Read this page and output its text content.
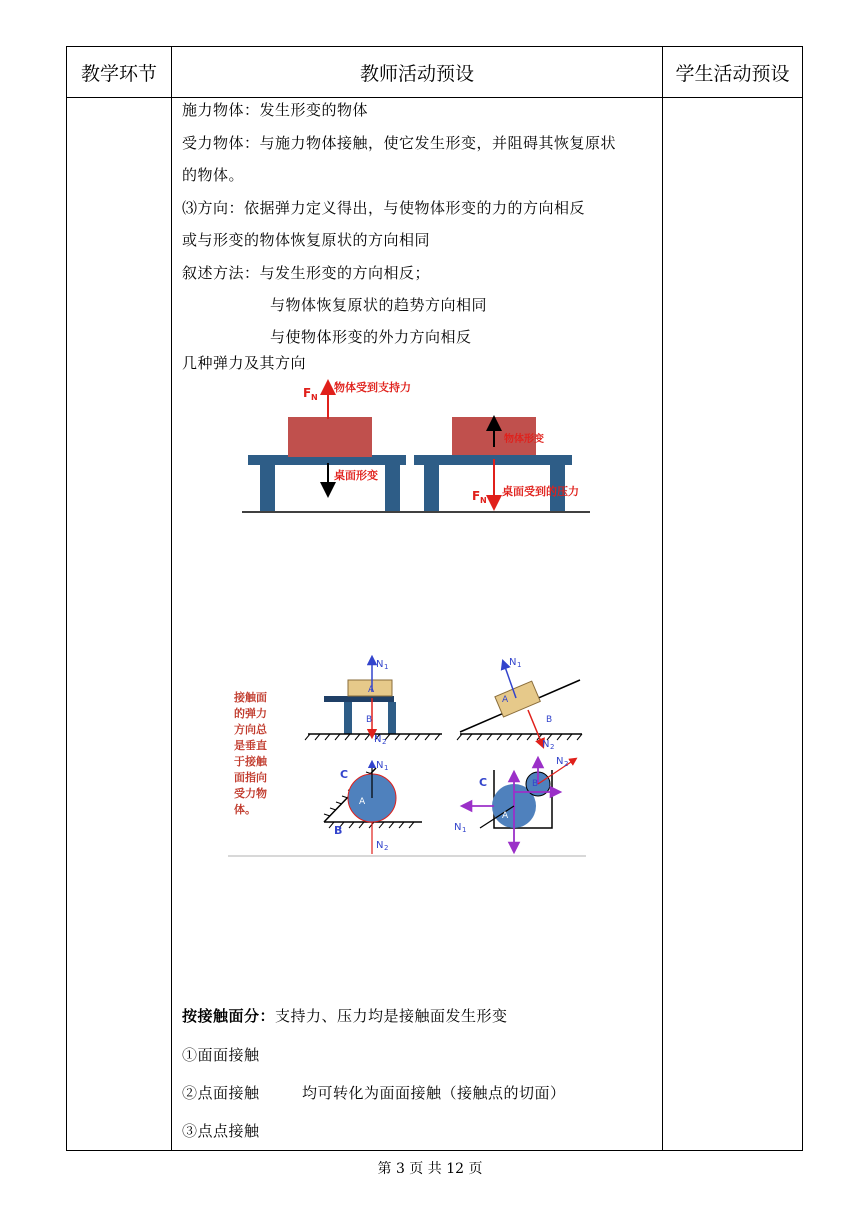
教学环节	教师活动预设	学生活动预设

施力物体：发生形变的物体
受力物体：与施力物体接触，使它发生形变，并阻碍其恢复原状
的物体。
⑶方向：依据弹力定义得出，与使物体形变的力的方向相反
或与形变的物体恢复原状的方向相同
叙述方法：与发生形变的方向相反；
与物体恢复原状的趋势方向相同
与使物体形变的外力方向相反
几种弹力及其方向
桌面形变
F N
物体受到支持力
物体形变
F N
桌面受到的压力
接触面
的弹力
方向总
是垂直
于接触
面指向
受力物
体。
N 1
A
B
N 2
N 1
A
B
N 2
N 1
C
A
B
N 2
C
A
B
N 1
N 2
按接触面分：支持力、压力均是接触面发生形变
①面面接触
②点面接触	均可转化为面面接触（接触点的切面）
③点点接触
第 3 页 共 12 页
